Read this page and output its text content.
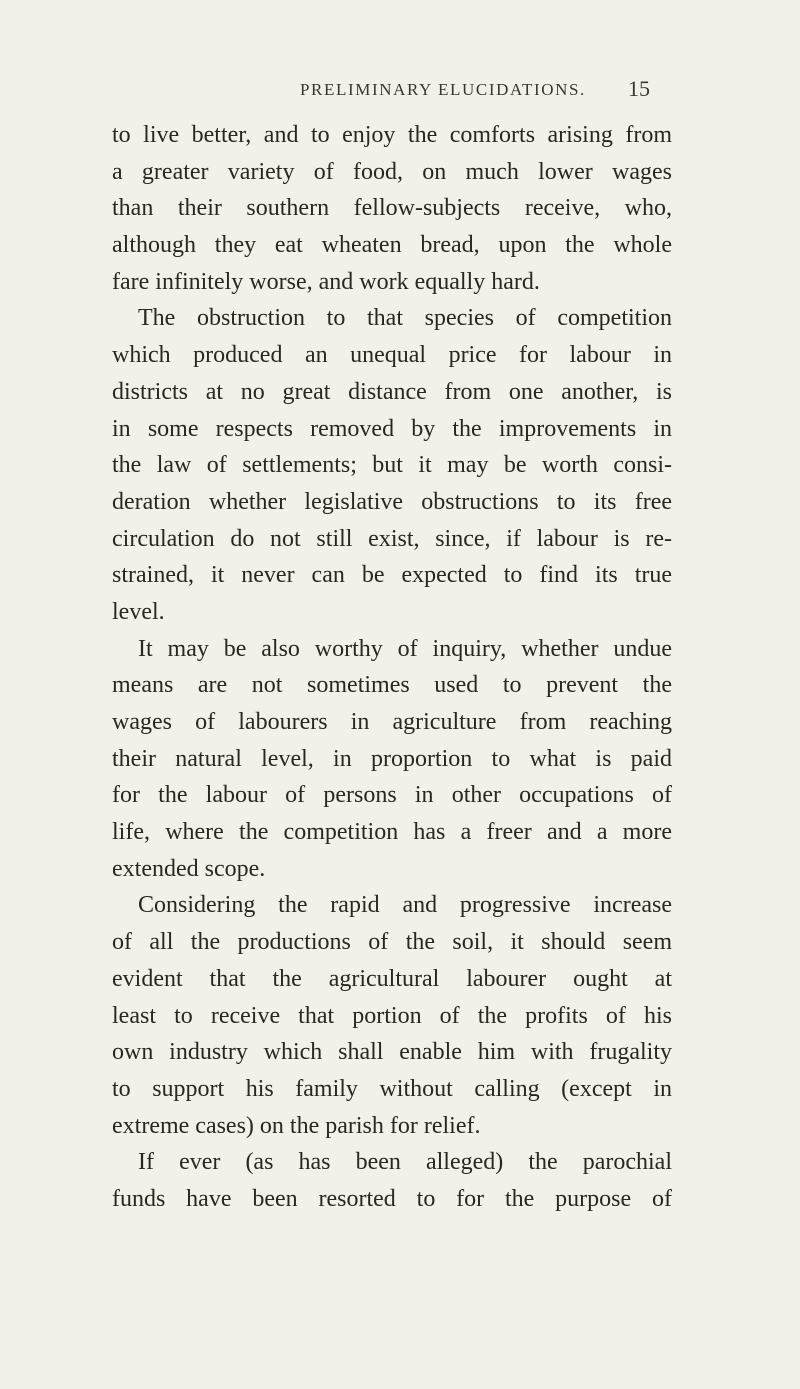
PRELIMINARY ELUCIDATIONS. 15
to live better, and to enjoy the comforts arising from
a greater variety of food, on much lower wages
than their southern fellow-subjects receive, who,
although they eat wheaten bread, upon the whole
fare infinitely worse, and work equally hard.
The obstruction to that species of competition
which produced an unequal price for labour in
districts at no great distance from one another, is
in some respects removed by the improvements in
the law of settlements; but it may be worth consi-
deration whether legislative obstructions to its free
circulation do not still exist, since, if labour is re-
strained, it never can be expected to find its true
level.
It may be also worthy of inquiry, whether undue
means are not sometimes used to prevent the
wages of labourers in agriculture from reaching
their natural level, in proportion to what is paid
for the labour of persons in other occupations of
life, where the competition has a freer and a more
extended scope.
Considering the rapid and progressive increase
of all the productions of the soil, it should seem
evident that the agricultural labourer ought at
least to receive that portion of the profits of his
own industry which shall enable him with frugality
to support his family without calling (except in
extreme cases) on the parish for relief.
If ever (as has been alleged) the parochial
funds have been resorted to for the purpose of
